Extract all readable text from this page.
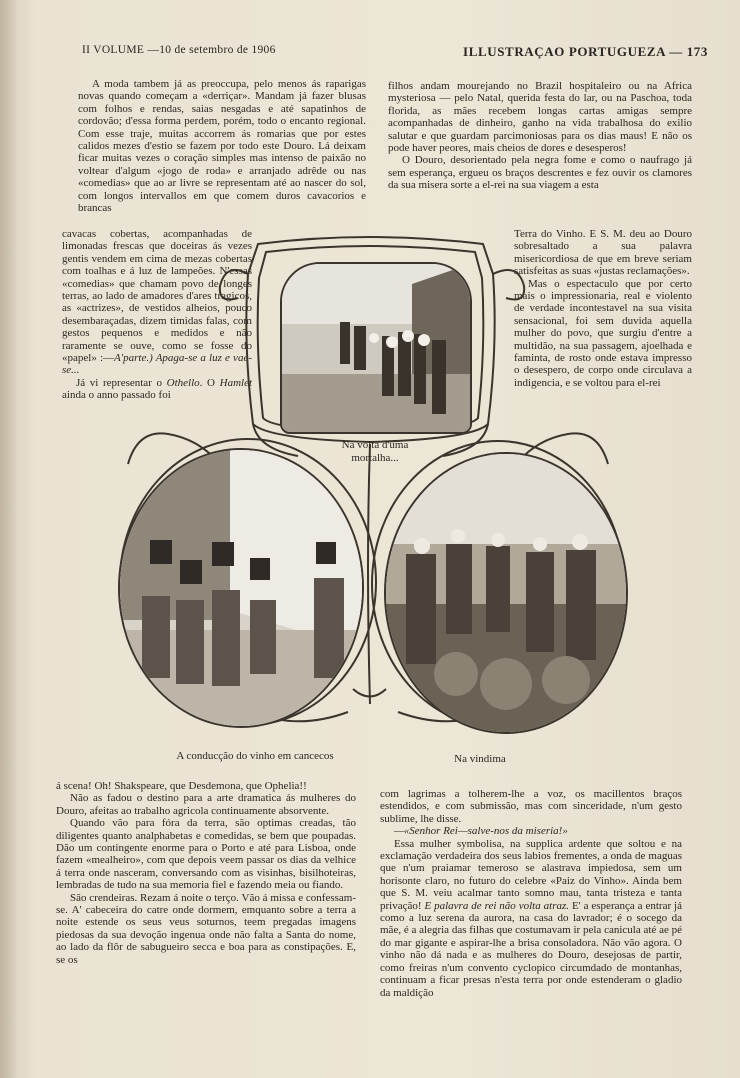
II VOLUME —10 de setembro de 1906	ILLUSTRAÇAO PORTUGUEZA — 173

A moda tambem já as preoccupa, pelo menos ás raparigas novas quando começam a «derriçar». Mandam já fazer blusas com folhos e rendas, saias nesgadas e até sapatinhos de cordovão; d'essa forma perdem, porém, todo o encanto regional. Com esse traje, muitas accorrem ás romarias que por estes calidos mezes d'estio se fazem por todo este Douro. Lá deixam ficar muitas vezes o coração simples mas intenso de paixão no voltear d'algum «jogo de roda» e arranjado adrêde ou nas «comedias» que ao ar livre se representam até ao nascer do sol, com longos intervallos em que comem duros cavacorios e brancas

cavacas cobertas, acompanhadas de limonadas frescas que doceiras ás vezes gentis vendem em cima de mezas cobertas com toalhas e á luz de lampeões. N'essas «comedias» que chamam povo de longes terras, ao lado de amadores d'ares tragicos, as «actrizes», de vestidos alheios, pouco desembaraçadas, dizem timidas falas, com gestos pequenos e medidos e não raramente se ouve, como se fosse do «papel» :—A'parte.) Apaga-se a luz e vae-se...

Já vi representar o Othello. O Hamlet ainda o anno passado foi

filhos andam mourejando no Brazil hospitaleiro ou na Africa mysteriosa — pelo Natal, querida festa do lar, ou na Paschoa, toda florida, as mães recebem longas cartas amigas sempre acompanhadas de dinheiro, ganho na vida trabalhosa do exilio salutar e que guardam parcimoniosas para os dias maus! E não os pode haver peores, mais cheios de dores e desesperos!

O Douro, desorientado pela negra fome e como o naufrago já sem esperança, ergueu os braços descrentes e fez ouvir os clamores da sua misera sorte a el-rei na sua viagem a esta

Terra do Vinho. E S. M. deu ao Douro sobresaltado a sua palavra misericordiosa de que em breve seriam satisfeitas as suas «justas reclamações».

Mas o espectaculo que por certo mais o impressionaria, real e violento de verdade incontestavel na sua visita sensacional, foi sem duvida aquella mulher do povo, que surgiu d'entre a multidão, na sua passagem, ajoelhada e faminta, de rosto onde estava impresso o desespero, de corpo onde circulava a indigencia, e se voltou para el-rei

Na volta d'uma mortalha...
A conducção do vinho em cancecos	Na vindima

á scena! Oh! Shakspeare, que Desdemona, que Ophelia!!

Não as fadou o destino para a arte dramatica ás mulheres do Douro, afeitas ao trabalho agricola continuamente absorvente.

Quando vão para fóra da terra, são optimas creadas, tão diligentes quanto analphabetas e comedidas, se bem que poupadas. Dão um contingente enorme para o Porto e até para Lisboa, onde fazem «mealheiro», com que depois veem passar os dias da velhice á terra onde nasceram, conversando com as visinhas, bisilhoteiras, lembradas de tudo na sua memoria fiel e fazendo meia ou fiando.

São crendeiras. Rezam á noite o terço. Vão á missa e confessam-se. A' cabeceira do catre onde dormem, emquanto sobre a terra a noite estende os seus veus soturnos, teem pregadas imagens piedosas da sua devoção ingenua onde não falta a Santa do nome, ao lado da flôr de sabugueiro secca e boa para as constipações. E, se os

com lagrimas a tolherem-lhe a voz, os macillentos braços estendidos, e com submissão, mas com sinceridade, n'um gesto sublime, lhe disse.

—«Senhor Rei—salve-nos da miseria!»

Essa mulher symbolisa, na supplica ardente que soltou e na exclamação verdadeira dos seus labios frementes, a onda de maguas que n'um praiamar temeroso se alastrava impiedosa, sem um horisonte claro, no futuro do celebre «Paiz do Vinho». Ainda bem que S. M. veiu acalmar tanto somno mau, tanta tristeza e tanta privação! E palavra de rei não volta atraz. E' a esperança a entrar já como a luz serena da aurora, na casa do lavrador; é o socego da mãe, é a alegria das filhas que costumavam ir pela canicula até ae pé do mar gigante e aspirar-lhe a brisa consoladora. Não vão agora. O vinho não dá nada e as mulheres do Douro, desejosas de partir, como freiras n'um convento cyclopico circumdado de montanhas, continuam a ficar presas n'esta terra por onde estenderam o gladio da maldição
